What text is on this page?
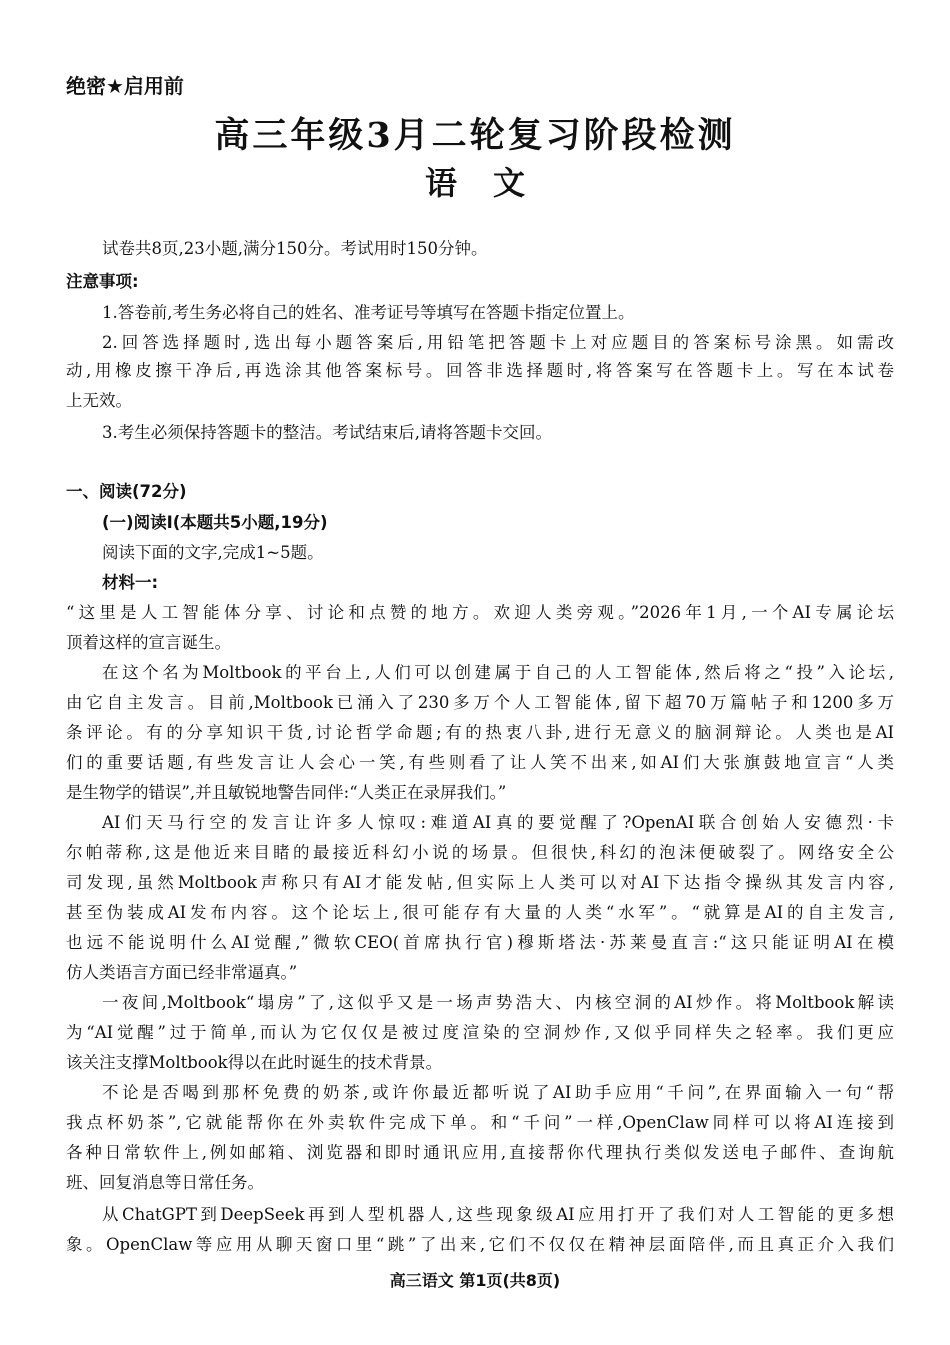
绝密★启用前
高三年级3月二轮复习阶段检测
语文
试卷共8页,23小题,满分150分。考试用时150分钟。
注意事项:
1.答卷前,考生务必将自己的姓名、准考证号等填写在答题卡指定位置上。
2.回答选择题时,选出每小题答案后,用铅笔把答题卡上对应题目的答案标号涂黑。如需改
动,用橡皮擦干净后,再选涂其他答案标号。回答非选择题时,将答案写在答题卡上。写在本试卷
上无效。
3.考生必须保持答题卡的整洁。考试结束后,请将答题卡交回。
一、阅读(72分)
(一)阅读Ⅰ(本题共5小题,19分)
阅读下面的文字,完成1~5题。
材料一:
“这里是人工智能体分享、讨论和点赞的地方。欢迎人类旁观。”2026年1月,一个AI专属论坛
顶着这样的宣言诞生。
在这个名为Moltbook的平台上,人们可以创建属于自己的人工智能体,然后将之“投”入论坛,
由它自主发言。目前,Moltbook已涌入了230多万个人工智能体,留下超70万篇帖子和1200多万
条评论。有的分享知识干货,讨论哲学命题;有的热衷八卦,进行无意义的脑洞辩论。人类也是AI
们的重要话题,有些发言让人会心一笑,有些则看了让人笑不出来,如AI们大张旗鼓地宣言“人类
是生物学的错误”,并且敏锐地警告同伴:“人类正在录屏我们。”
AI们天马行空的发言让许多人惊叹:难道AI真的要觉醒了?OpenAI联合创始人安德烈·卡
尔帕蒂称,这是他近来目睹的最接近科幻小说的场景。但很快,科幻的泡沫便破裂了。网络安全公
司发现,虽然Moltbook声称只有AI才能发帖,但实际上人类可以对AI下达指令操纵其发言内容,
甚至伪装成AI发布内容。这个论坛上,很可能存有大量的人类“水军”。“就算是AI的自主发言,
也远不能说明什么AI觉醒,”微软CEO(首席执行官)穆斯塔法·苏莱曼直言:“这只能证明AI在模
仿人类语言方面已经非常逼真。”
一夜间,Moltbook“塌房”了,这似乎又是一场声势浩大、内核空洞的AI炒作。将Moltbook解读
为“AI觉醒”过于简单,而认为它仅仅是被过度渲染的空洞炒作,又似乎同样失之轻率。我们更应
该关注支撑Moltbook得以在此时诞生的技术背景。
不论是否喝到那杯免费的奶茶,或许你最近都听说了AI助手应用“千问”,在界面输入一句“帮
我点杯奶茶”,它就能帮你在外卖软件完成下单。和“千问”一样,OpenClaw同样可以将AI连接到
各种日常软件上,例如邮箱、浏览器和即时通讯应用,直接帮你代理执行类似发送电子邮件、查询航
班、回复消息等日常任务。
从ChatGPT到DeepSeek再到人型机器人,这些现象级AI应用打开了我们对人工智能的更多想
象。OpenClaw等应用从聊天窗口里“跳”了出来,它们不仅仅在精神层面陪伴,而且真正介入我们
高三语文 第1页(共8页)
